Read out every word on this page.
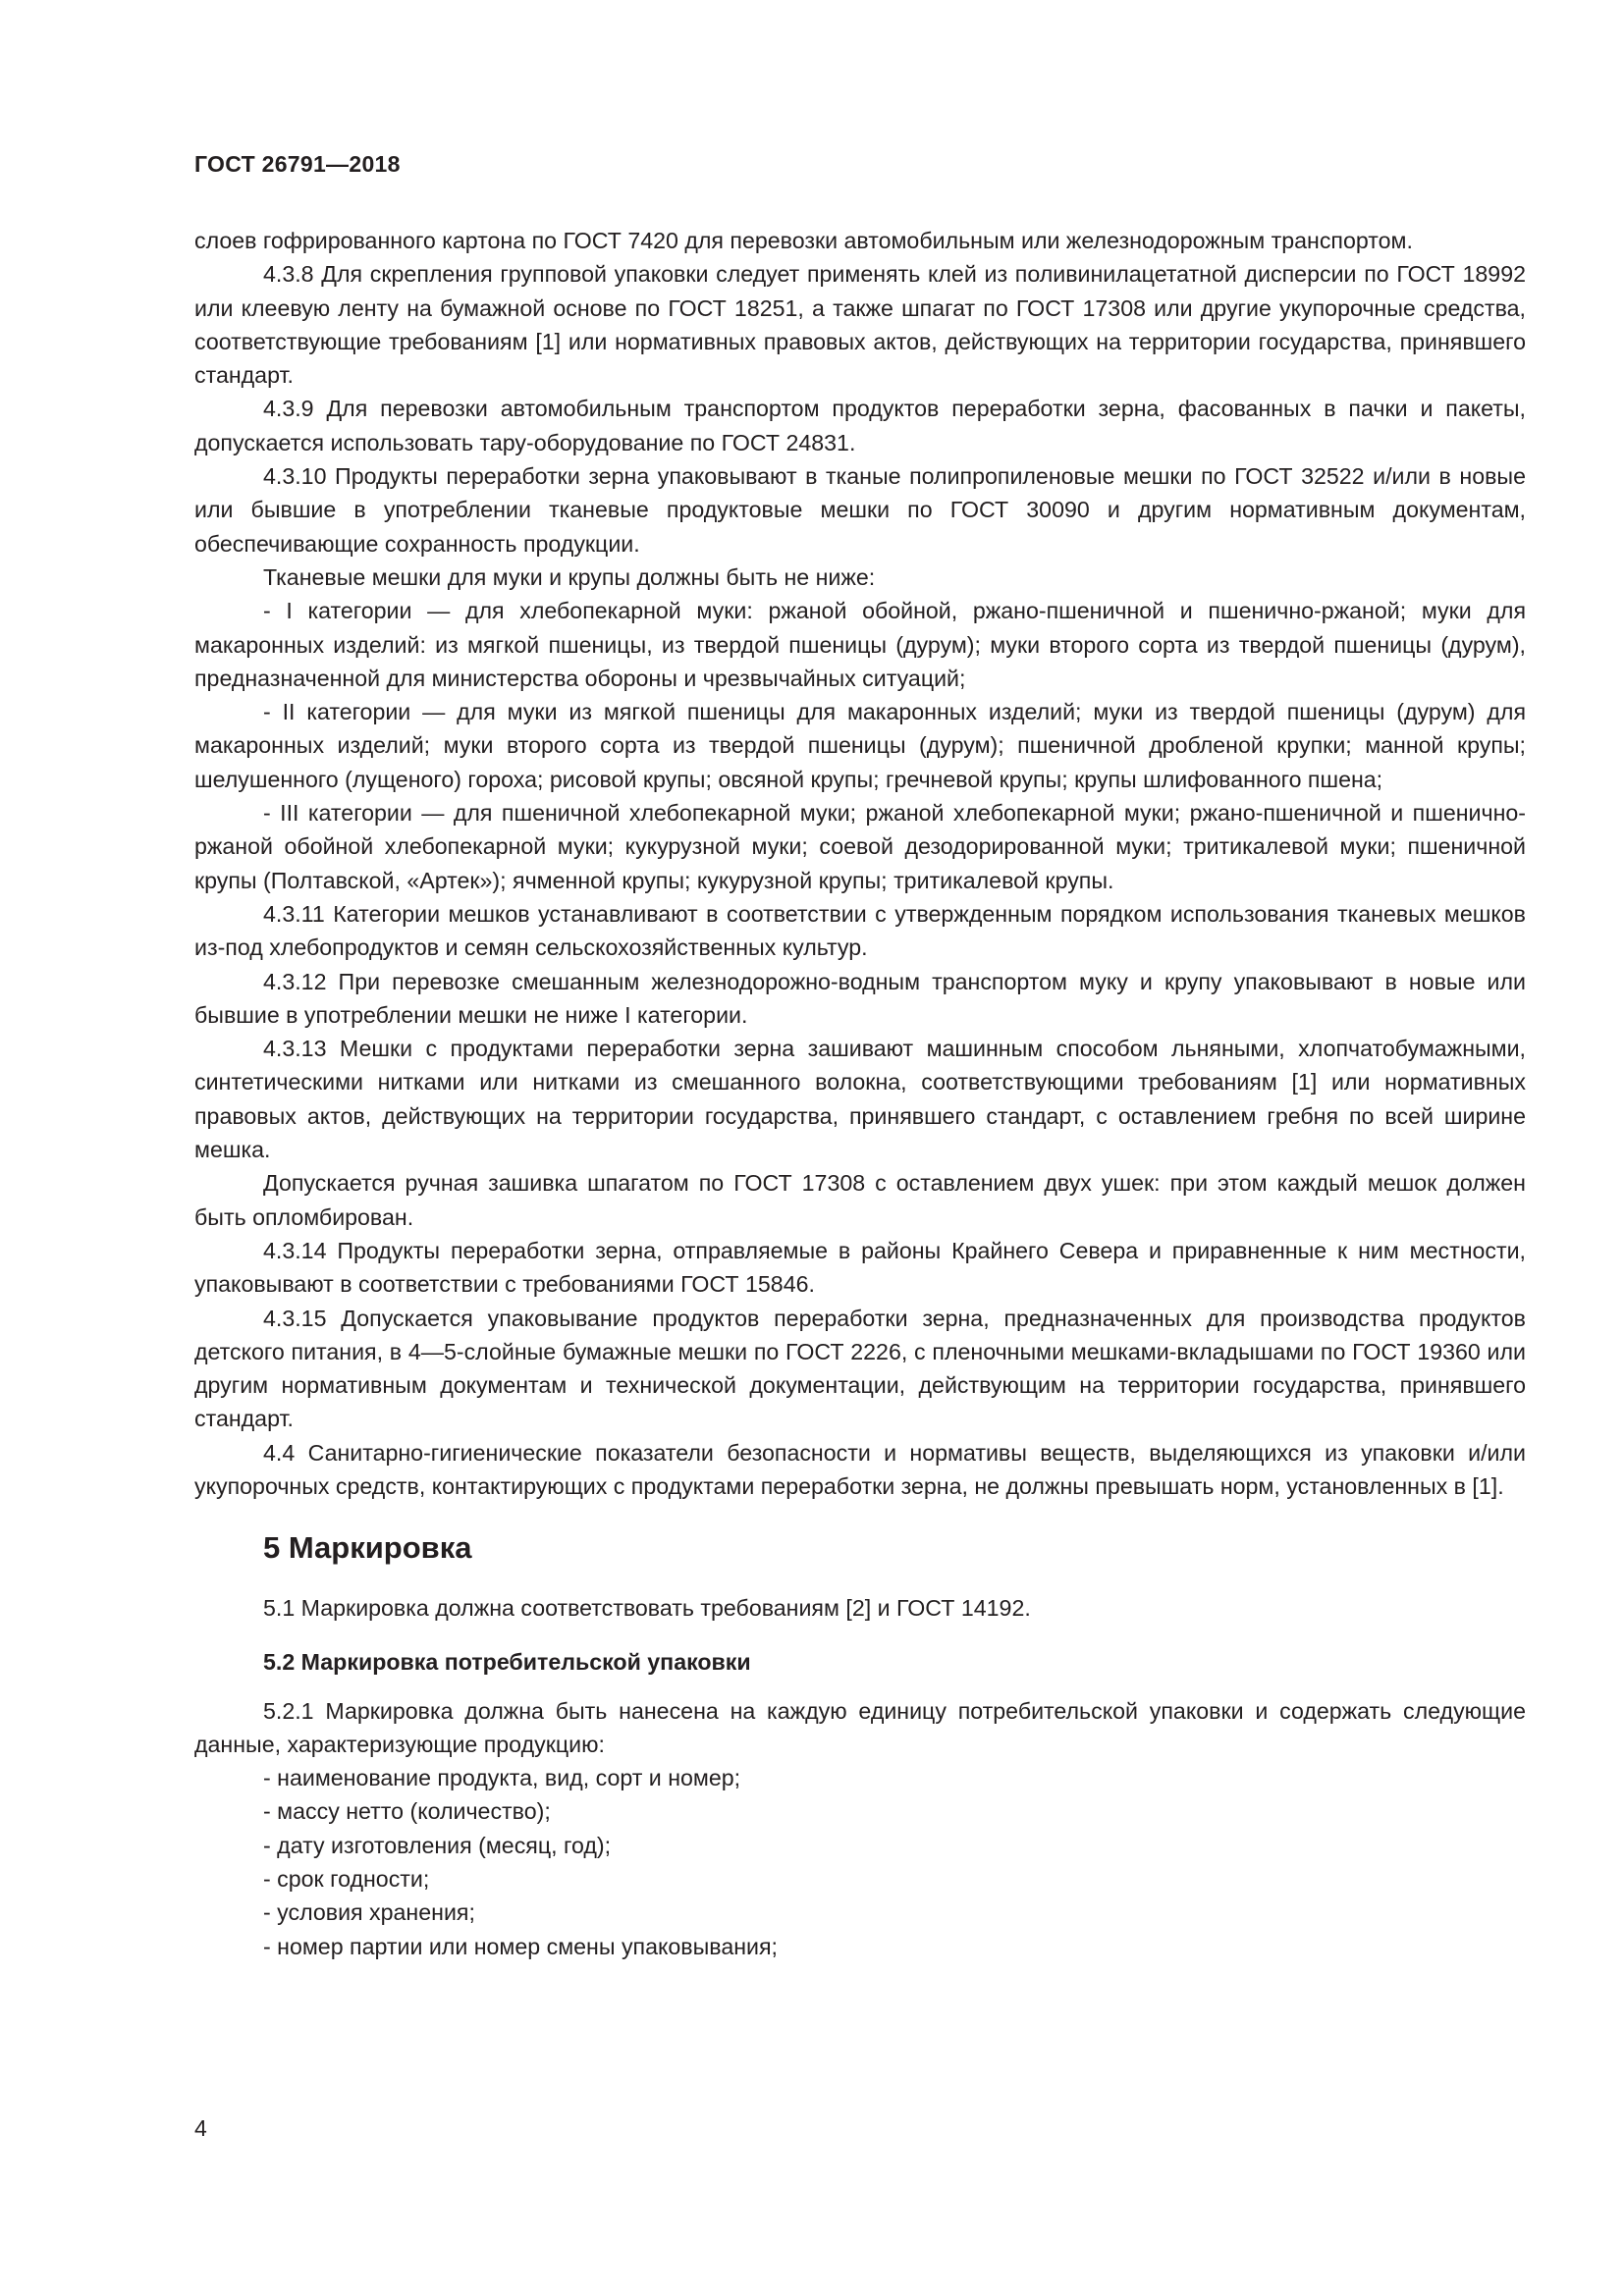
ГОСТ 26791—2018

слоев гофрированного картона по ГОСТ 7420 для перевозки автомобильным или железнодорожным транспортом.

4.3.8 Для скрепления групповой упаковки следует применять клей из поливинилацетатной дисперсии по ГОСТ 18992 или клеевую ленту на бумажной основе по ГОСТ 18251, а также шпагат по ГОСТ 17308 или другие укупорочные средства, соответствующие требованиям [1] или нормативных правовых актов, действующих на территории государства, принявшего стандарт.

4.3.9 Для перевозки автомобильным транспортом продуктов переработки зерна, фасованных в пачки и пакеты, допускается использовать тару-оборудование по ГОСТ 24831.

4.3.10 Продукты переработки зерна упаковывают в тканые полипропиленовые мешки по ГОСТ 32522 и/или в новые или бывшие в употреблении тканевые продуктовые мешки по ГОСТ 30090 и другим нормативным документам, обеспечивающие сохранность продукции.

Тканевые мешки для муки и крупы должны быть не ниже:

- I категории — для хлебопекарной муки: ржаной обойной, ржано-пшеничной и пшенично-ржаной; муки для макаронных изделий: из мягкой пшеницы, из твердой пшеницы (дурум); муки второго сорта из твердой пшеницы (дурум), предназначенной для министерства обороны и чрезвычайных ситуаций;

- II категории — для муки из мягкой пшеницы для макаронных изделий; муки из твердой пшеницы (дурум) для макаронных изделий; муки второго сорта из твердой пшеницы (дурум); пшеничной дробленой крупки; манной крупы; шелушенного (лущеного) гороха; рисовой крупы; овсяной крупы; гречневой крупы; крупы шлифованного пшена;

- III категории — для пшеничной хлебопекарной муки; ржаной хлебопекарной муки; ржано-пшеничной и пшенично-ржаной обойной хлебопекарной муки; кукурузной муки; соевой дезодорированной муки; тритикалевой муки; пшеничной крупы (Полтавской, «Артек»); ячменной крупы; кукурузной крупы; тритикалевой крупы.

4.3.11 Категории мешков устанавливают в соответствии с утвержденным порядком использования тканевых мешков из-под хлебопродуктов и семян сельскохозяйственных культур.

4.3.12 При перевозке смешанным железнодорожно-водным транспортом муку и крупу упаковывают в новые или бывшие в употреблении мешки не ниже I категории.

4.3.13 Мешки с продуктами переработки зерна зашивают машинным способом льняными, хлопчатобумажными, синтетическими нитками или нитками из смешанного волокна, соответствующими требованиям [1] или нормативных правовых актов, действующих на территории государства, принявшего стандарт, с оставлением гребня по всей ширине мешка.

Допускается ручная зашивка шпагатом по ГОСТ 17308 с оставлением двух ушек: при этом каждый мешок должен быть опломбирован.

4.3.14 Продукты переработки зерна, отправляемые в районы Крайнего Севера и приравненные к ним местности, упаковывают в соответствии с требованиями ГОСТ 15846.

4.3.15 Допускается упаковывание продуктов переработки зерна, предназначенных для производства продуктов детского питания, в 4—5-слойные бумажные мешки по ГОСТ 2226, с пленочными мешками-вкладышами по ГОСТ 19360 или другим нормативным документам и технической документации, действующим на территории государства, принявшего стандарт.

4.4 Санитарно-гигиенические показатели безопасности и нормативы веществ, выделяющихся из упаковки и/или укупорочных средств, контактирующих с продуктами переработки зерна, не должны превышать норм, установленных в [1].

5 Маркировка

5.1 Маркировка должна соответствовать требованиям [2] и ГОСТ 14192.

5.2 Маркировка потребительской упаковки

5.2.1 Маркировка должна быть нанесена на каждую единицу потребительской упаковки и содержать следующие данные, характеризующие продукцию:

- наименование продукта, вид, сорт и номер;

- массу нетто (количество);

- дату изготовления (месяц, год);

- срок годности;

- условия хранения;

- номер партии или номер смены упаковывания;

4
